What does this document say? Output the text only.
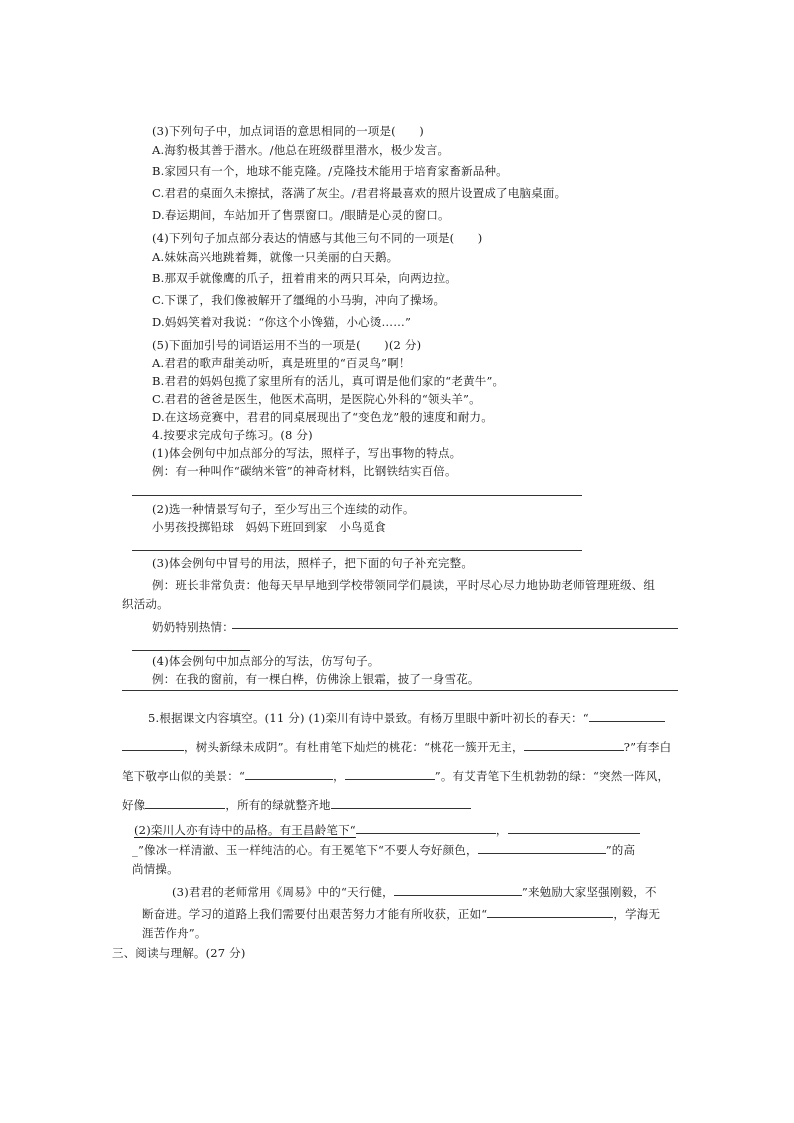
(3)下列句子中，加点词语的意思相同的一项是(　　)
A.海豹极其善于潜水。/他总在班级群里潜水，极少发言。
B.家园只有一个，地球不能克隆。/克隆技术能用于培育家畜新品种。
C.君君的桌面久未擦拭，落满了灰尘。/君君将最喜欢的照片设置成了电脑桌面。
D.春运期间，车站加开了售票窗口。/眼睛是心灵的窗口。
(4)下列句子加点部分表达的情感与其他三句不同的一项是(　　)
A.妹妹高兴地跳着舞，就像一只美丽的白天鹅。
B.那双手就像鹰的爪子，扭着甫来的两只耳朵，向两边拉。
C.下课了，我们像被解开了缰绳的小马驹，冲向了操场。
D.妈妈笑着对我说：“你这个小馋猫，小心烫……”
(5)下面加引号的词语运用不当的一项是(　　)(2 分)
A.君君的歌声甜美动听，真是班里的“百灵鸟”啊！
B.君君的妈妈包揽了家里所有的活儿，真可谓是他们家的“老黄牛”。
C.君君的爸爸是医生，他医术高明，是医院心外科的“领头羊”。
D.在这场竞赛中，君君的同桌展现出了“变色龙”般的速度和耐力。
4.按要求完成句子练习。(8 分)
(1)体会例句中加点部分的写法，照样子，写出事物的特点。
例：有一种叫作“碳纳米管”的神奇材料，比钢铁结实百倍。
(2)选一种情景写句子，至少写出三个连续的动作。
小男孩投掷铅球　妈妈下班回到家　小鸟觅食
(3)体会例句中冒号的用法，照样子，把下面的句子补充完整。
例：班长非常负责：他每天早早地到学校带领同学们晨读，平时尽心尽力地协助老师管理班级、组
织活动。
奶奶特别热情：
(4)体会例句中加点部分的写法，仿写句子。
例：在我的窗前，有一棵白桦，仿佛涂上银霜，披了一身雪花。
5.根据课文内容填空。(11 分) (1)栾川有诗中景致。有杨万里眼中新叶初长的春天：“
，树头新绿未成阴”。有杜甫笔下灿烂的桃花：“桃花一簇开无主，	?”有李白
笔下敬亭山似的美景：“	，	”。有艾青笔下生机勃勃的绿：“突然一阵风，
好像	，所有的绿就整齐地
(2)栾川人亦有诗中的品格。有王昌龄笔下“	，
_”像冰一样清澈、玉一样纯洁的心。有王冕笔下“不要人夸好颜色，	”的高
尚情操。
(3)君君的老师常用《周易》中的“天行健，	”来勉励大家坚强刚毅，不
断奋进。学习的道路上我们需要付出艰苦努力才能有所收获，正如“	，学海无
涯苦作舟”。
三、阅读与理解。(27 分)
